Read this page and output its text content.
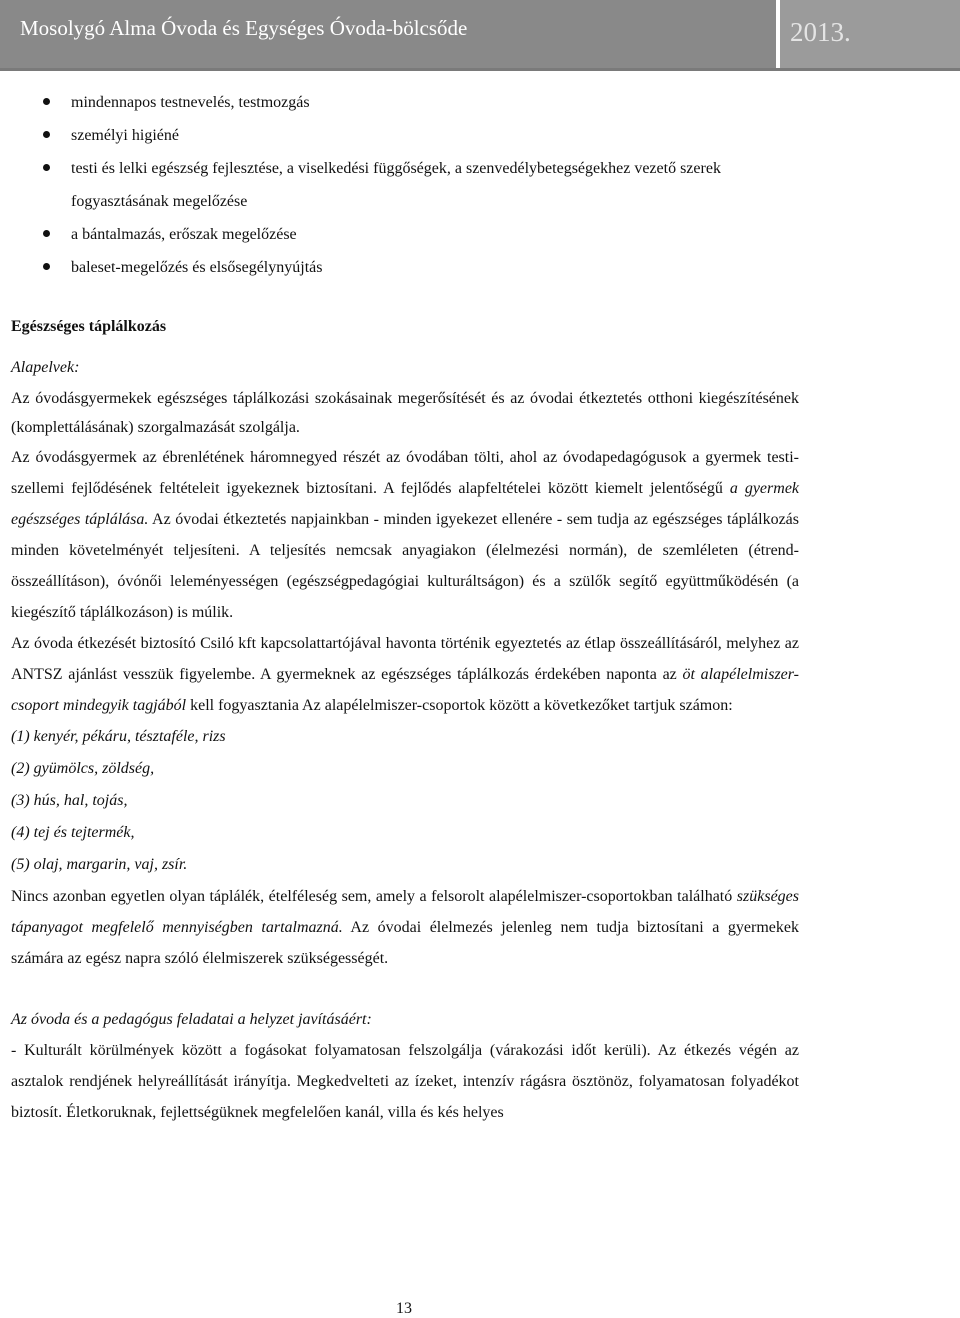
Mosolygó Alma Óvoda és Egységes Óvoda-bölcsőde	2013.
mindennapos testnevelés, testmozgás
személyi higiéné
testi és lelki egészség fejlesztése, a viselkedési függőségek, a szenvedélybetegségekhez vezető szerek fogyasztásának megelőzése
a bántalmazás, erőszak megelőzése
baleset-megelőzés és elsősegélynyújtás
Egészséges táplálkozás
Alapelvek:

Az óvodásgyermekek egészséges táplálkozási szokásainak megerősítését és az óvodai étkeztetés otthoni kiegészítésének (komplettálásának) szorgalmazását szolgálja.

Az óvodásgyermek az ébrenlétének háromnegyed részét az óvodában tölti, ahol az óvodapedagógusok a gyermek testi-szellemi fejlődésének feltételeit igyekeznek biztosítani. A fejlődés alapfeltételei között kiemelt jelentőségű a gyermek egészséges táplálása. Az óvodai étkeztetés napjainkban - minden igyekezet ellenére - sem tudja az egészséges táplálkozás minden követelményét teljesíteni. A teljesítés nemcsak anyagiakon (élelmezési normán), de szemléleten (étrend-összeállításon), óvónői leleményességen (egészségpedagógiai kulturáltságon) és a szülők segítő együttműködésén (a kiegészítő táplálkozáson) is múlik.

Az óvoda étkezését biztosító Csiló kft kapcsolattartójával havonta történik egyeztetés az étlap összeállításáról, melyhez az ANTSZ ajánlást vesszük figyelembe. A gyermeknek az egészséges táplálkozás érdekében naponta az öt alapélelmiszer-csoport mindegyik tagjából kell fogyasztania Az alapélelmiszer-csoportok között a következőket tartjuk számon:

(1) kenyér, pékáru, tésztaféle, rizs
(2) gyümölcs, zöldség,
(3) hús, hal, tojás,
(4) tej és tejtermék,
(5) olaj, margarin, vaj, zsír.

Nincs azonban egyetlen olyan táplálék, ételféleség sem, amely a felsorolt alapélelmiszer-csoportokban található szükséges tápanyagot megfelelő mennyiségben tartalmazná. Az óvodai élelmezés jelenleg nem tudja biztosítani a gyermekek számára az egész napra szóló élelmiszerek szükségességét.

Az óvoda és a pedagógus feladatai a helyzet javításáért:

- Kulturált körülmények között a fogásokat folyamatosan felszolgálja (várakozási időt kerüli). Az étkezés végén az asztalok rendjének helyreállítását irányítja. Megkedvelteti az ízeket, intenzív rágásra ösztönöz, folyamatosan folyadékot biztosít. Életkoruknak, fejlettségüknek megfelelően kanál, villa és kés helyes

13
